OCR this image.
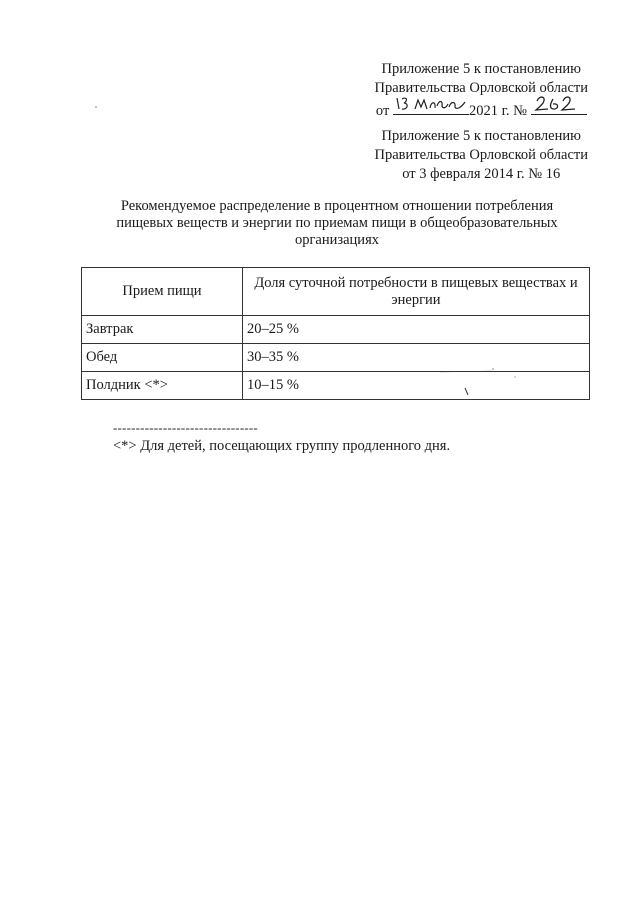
Приложение 5 к постановлению
Правительства Орловской области
от	2021 г. №
Приложение 5 к постановлению
Правительства Орловской области
от 3 февраля 2014 г. № 16
Рекомендуемое распределение в процентном отношении потребления пищевых веществ и энергии по приемам пищи в общеобразовательных организациях
Прием пищи	Доля суточной потребности в пищевых веществах и энергии
Завтрак	20–25 %
Обед	30–35 %
Полдник <*>	10–15 %
--------------------------------
<*> Для детей, посещающих группу продленного дня.
